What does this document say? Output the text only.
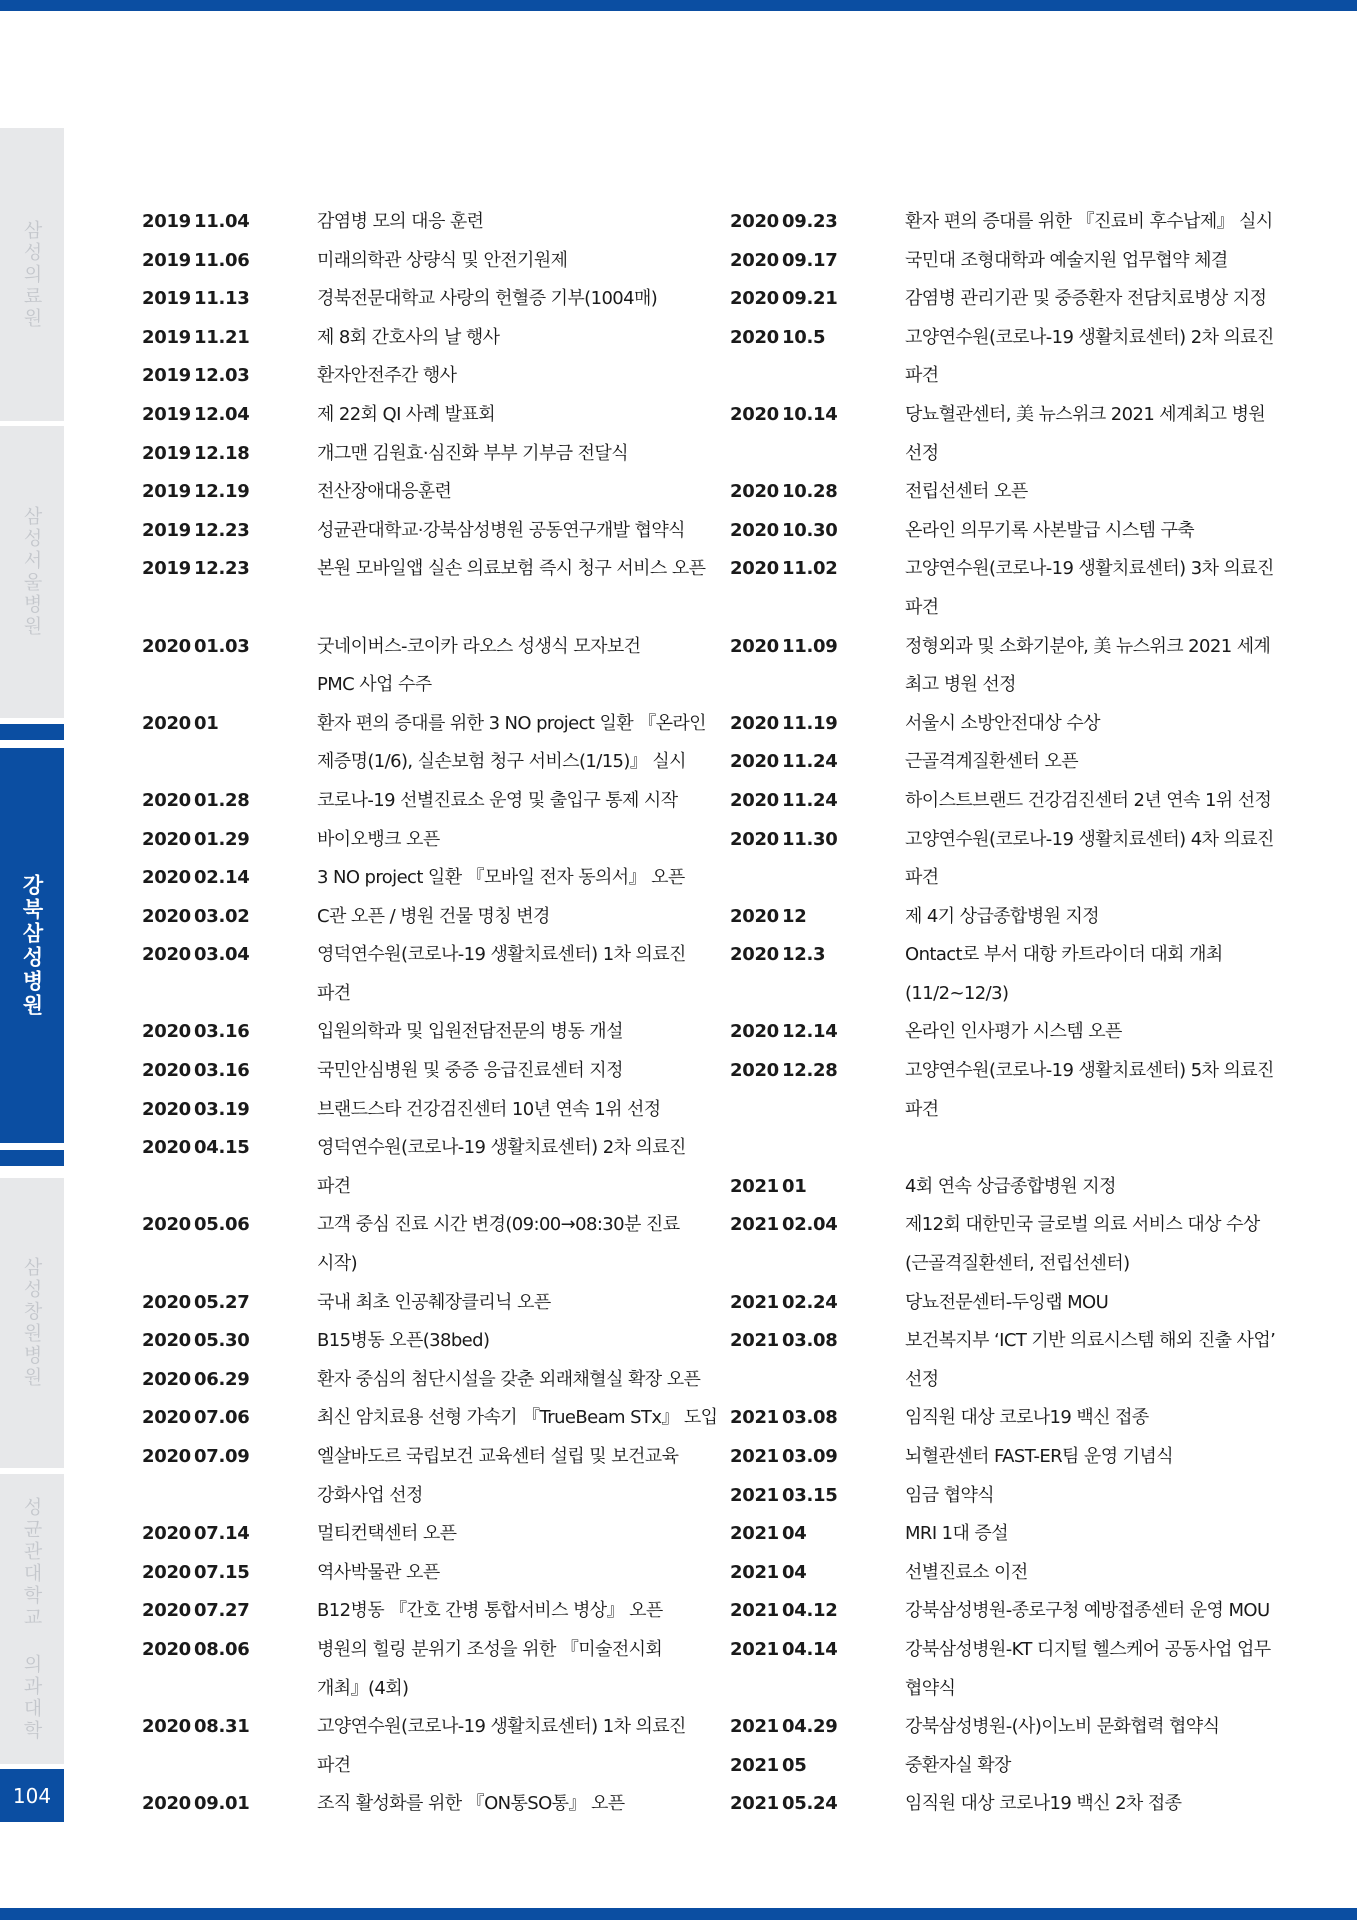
삼성의료원
삼성서울병원
강북삼성병원
삼성창원병원
성균관대학교 의과대학
104
2019 11.04	감염병 모의 대응 훈련
2019 11.06	미래의학관 상량식 및 안전기원제
2019 11.13	경북전문대학교 사랑의 헌혈증 기부(1004매)
2019 11.21	제 8회 간호사의 날 행사
2019 12.03	환자안전주간 행사
2019 12.04	제 22회 QI 사례 발표회
2019 12.18	개그맨 김원효·심진화 부부 기부금 전달식
2019 12.19	전산장애대응훈련
2019 12.23	성균관대학교·강북삼성병원 공동연구개발 협약식
2019 12.23	본원 모바일앱 실손 의료보험 즉시 청구 서비스 오픈
2020 01.03	굿네이버스-코이카 라오스 성생식 모자보건
PMC 사업 수주
2020 01	환자 편의 증대를 위한 3 NO project 일환 『온라인
제증명(1/6), 실손보험 청구 서비스(1/15)』 실시
2020 01.28	코로나-19 선별진료소 운영 및 출입구 통제 시작
2020 01.29	바이오뱅크 오픈
2020 02.14	3 NO project 일환 『모바일 전자 동의서』 오픈
2020 03.02	C관 오픈 / 병원 건물 명칭 변경
2020 03.04	영덕연수원(코로나-19 생활치료센터) 1차 의료진
파견
2020 03.16	입원의학과 및 입원전담전문의 병동 개설
2020 03.16	국민안심병원 및 중증 응급진료센터 지정
2020 03.19	브랜드스타 건강검진센터 10년 연속 1위 선정
2020 04.15	영덕연수원(코로나-19 생활치료센터) 2차 의료진
파견
2020 05.06	고객 중심 진료 시간 변경(09:00→08:30분 진료
시작)
2020 05.27	국내 최초 인공췌장클리닉 오픈
2020 05.30	B15병동 오픈(38bed)
2020 06.29	환자 중심의 첨단시설을 갖춘 외래채혈실 확장 오픈
2020 07.06	최신 암치료용 선형 가속기 『TrueBeam STx』 도입
2020 07.09	엘살바도르 국립보건 교육센터 설립 및 보건교육
강화사업 선정
2020 07.14	멀티컨택센터 오픈
2020 07.15	역사박물관 오픈
2020 07.27	B12병동 『간호 간병 통합서비스 병상』 오픈
2020 08.06	병원의 힐링 분위기 조성을 위한 『미술전시회
개최』(4회)
2020 08.31	고양연수원(코로나-19 생활치료센터) 1차 의료진
파견
2020 09.01	조직 활성화를 위한 『ON통SO통』 오픈
2020 09.23	환자 편의 증대를 위한 『진료비 후수납제』 실시
2020 09.17	국민대 조형대학과 예술지원 업무협약 체결
2020 09.21	감염병 관리기관 및 중증환자 전담치료병상 지정
2020 10.5	고양연수원(코로나-19 생활치료센터) 2차 의료진
파견
2020 10.14	당뇨혈관센터, 美 뉴스위크 2021 세계최고 병원
선정
2020 10.28	전립선센터 오픈
2020 10.30	온라인 의무기록 사본발급 시스템 구축
2020 11.02	고양연수원(코로나-19 생활치료센터) 3차 의료진
파견
2020 11.09	정형외과 및 소화기분야, 美 뉴스위크 2021 세계
최고 병원 선정
2020 11.19	서울시 소방안전대상 수상
2020 11.24	근골격계질환센터 오픈
2020 11.24	하이스트브랜드 건강검진센터 2년 연속 1위 선정
2020 11.30	고양연수원(코로나-19 생활치료센터) 4차 의료진
파견
2020 12	제 4기 상급종합병원 지정
2020 12.3	Ontact로 부서 대항 카트라이더 대회 개최
(11/2~12/3)
2020 12.14	온라인 인사평가 시스템 오픈
2020 12.28	고양연수원(코로나-19 생활치료센터) 5차 의료진
파견
2021 01	4회 연속 상급종합병원 지정
2021 02.04	제12회 대한민국 글로벌 의료 서비스 대상 수상
(근골격질환센터, 전립선센터)
2021 02.24	당뇨전문센터-두잉랩 MOU
2021 03.08	보건복지부 ‘ICT 기반 의료시스템 해외 진출 사업’
선정
2021 03.08	임직원 대상 코로나19 백신 접종
2021 03.09	뇌혈관센터 FAST-ER팀 운영 기념식
2021 03.15	임금 협약식
2021 04	MRI 1대 증설
2021 04	선별진료소 이전
2021 04.12	강북삼성병원-종로구청 예방접종센터 운영 MOU
2021 04.14	강북삼성병원-KT 디지털 헬스케어 공동사업 업무
협약식
2021 04.29	강북삼성병원-(사)이노비 문화협력 협약식
2021 05	중환자실 확장
2021 05.24	임직원 대상 코로나19 백신 2차 접종
